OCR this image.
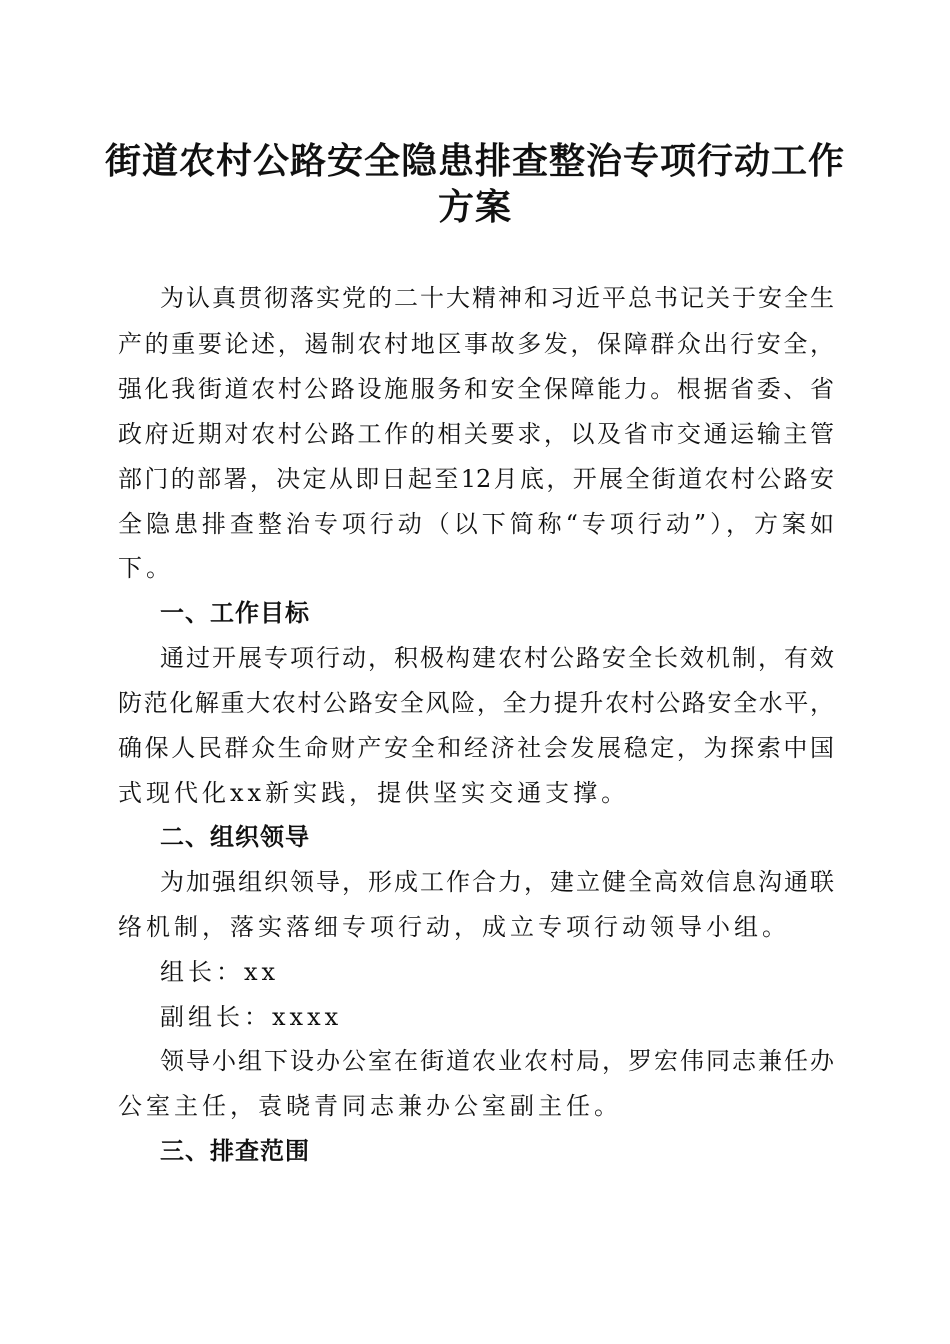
街道农村公路安全隐患排查整治专项行动工作
方案

为认真贯彻落实党的二十大精神和习近平总书记关于安全生

产的重要论述，遏制农村地区事故多发，保障群众出行安全，

强化我街道农村公路设施服务和安全保障能力。根据省委、省

政府近期对农村公路工作的相关要求，以及省市交通运输主管

部门的部署，决定从即日起至12月底，开展全街道农村公路安

全隐患排查整治专项行动（以下简称“专项行动”），方案如

下。

一、工作目标

通过开展专项行动，积极构建农村公路安全长效机制，有效

防范化解重大农村公路安全风险，全力提升农村公路安全水平，

确保人民群众生命财产安全和经济社会发展稳定，为探索中国

式现代化xx新实践，提供坚实交通支撑。

二、组织领导

为加强组织领导，形成工作合力，建立健全高效信息沟通联

络机制，落实落细专项行动，成立专项行动领导小组。

组长：xx

副组长：xxxx

领导小组下设办公室在街道农业农村局，罗宏伟同志兼任办

公室主任，袁晓青同志兼办公室副主任。

三、排查范围
